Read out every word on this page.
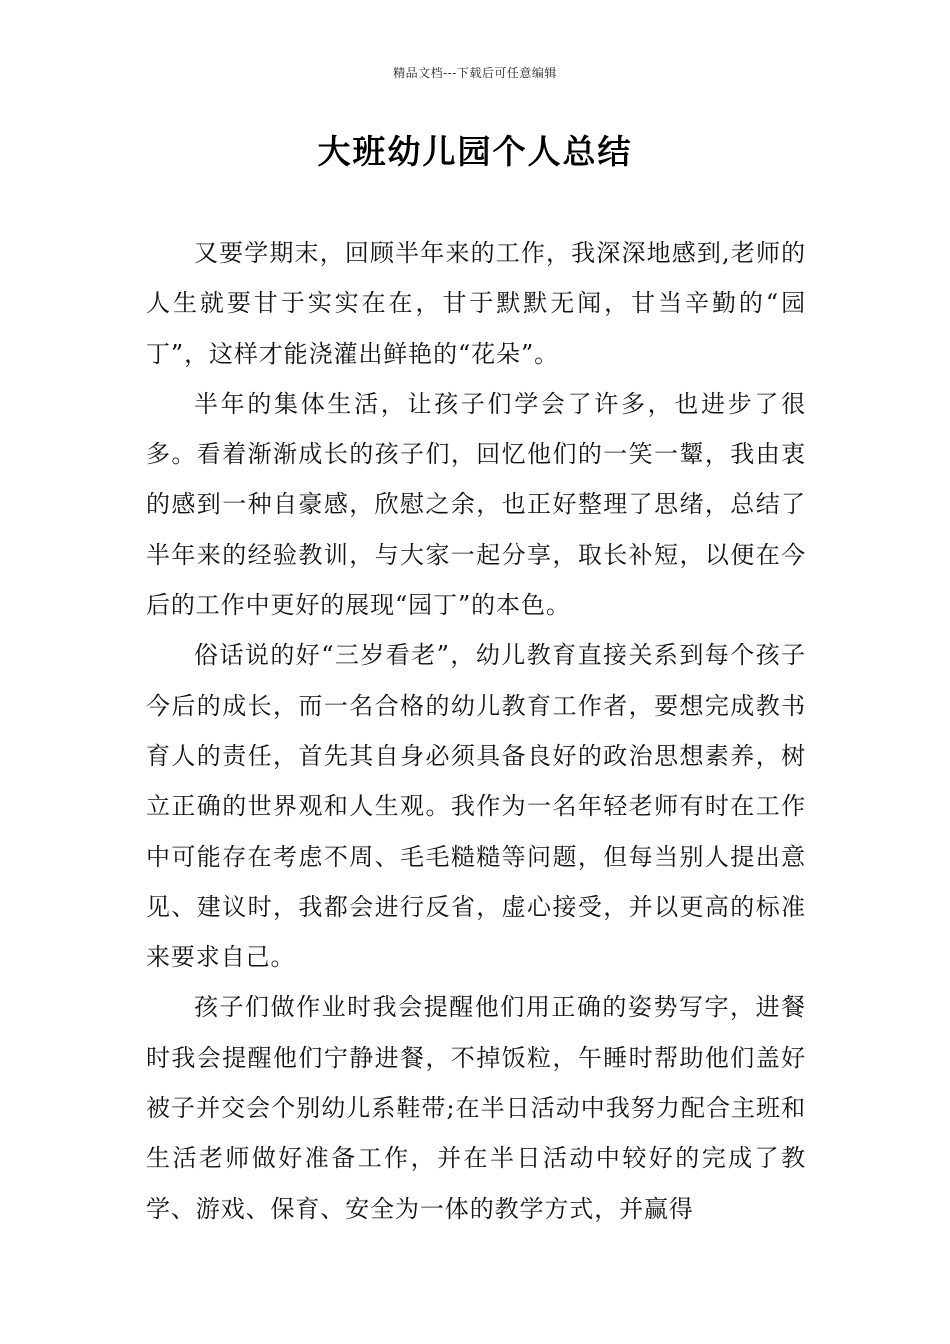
精品文档---下载后可任意编辑
大班幼儿园个人总结

又要学期末，回顾半年来的工作，我深深地感到,老师的人生就要甘于实实在在，甘于默默无闻，甘当辛勤的“园丁”，这样才能浇灌出鲜艳的“花朵”。

半年的集体生活，让孩子们学会了许多，也进步了很多。看着渐渐成长的孩子们，回忆他们的一笑一颦，我由衷的感到一种自豪感，欣慰之余，也正好整理了思绪，总结了半年来的经验教训，与大家一起分享，取长补短，以便在今后的工作中更好的展现“园丁”的本色。

俗话说的好“三岁看老”，幼儿教育直接关系到每个孩子今后的成长，而一名合格的幼儿教育工作者，要想完成教书育人的责任，首先其自身必须具备良好的政治思想素养，树立正确的世界观和人生观。我作为一名年轻老师有时在工作中可能存在考虑不周、毛毛糙糙等问题，但每当别人提出意见、建议时，我都会进行反省，虚心接受，并以更高的标准来要求自己。

孩子们做作业时我会提醒他们用正确的姿势写字，进餐时我会提醒他们宁静进餐，不掉饭粒，午睡时帮助他们盖好被子并交会个别幼儿系鞋带;在半日活动中我努力配合主班和生活老师做好准备工作，并在半日活动中较好的完成了教学、游戏、保育、安全为一体的教学方式，并赢得
